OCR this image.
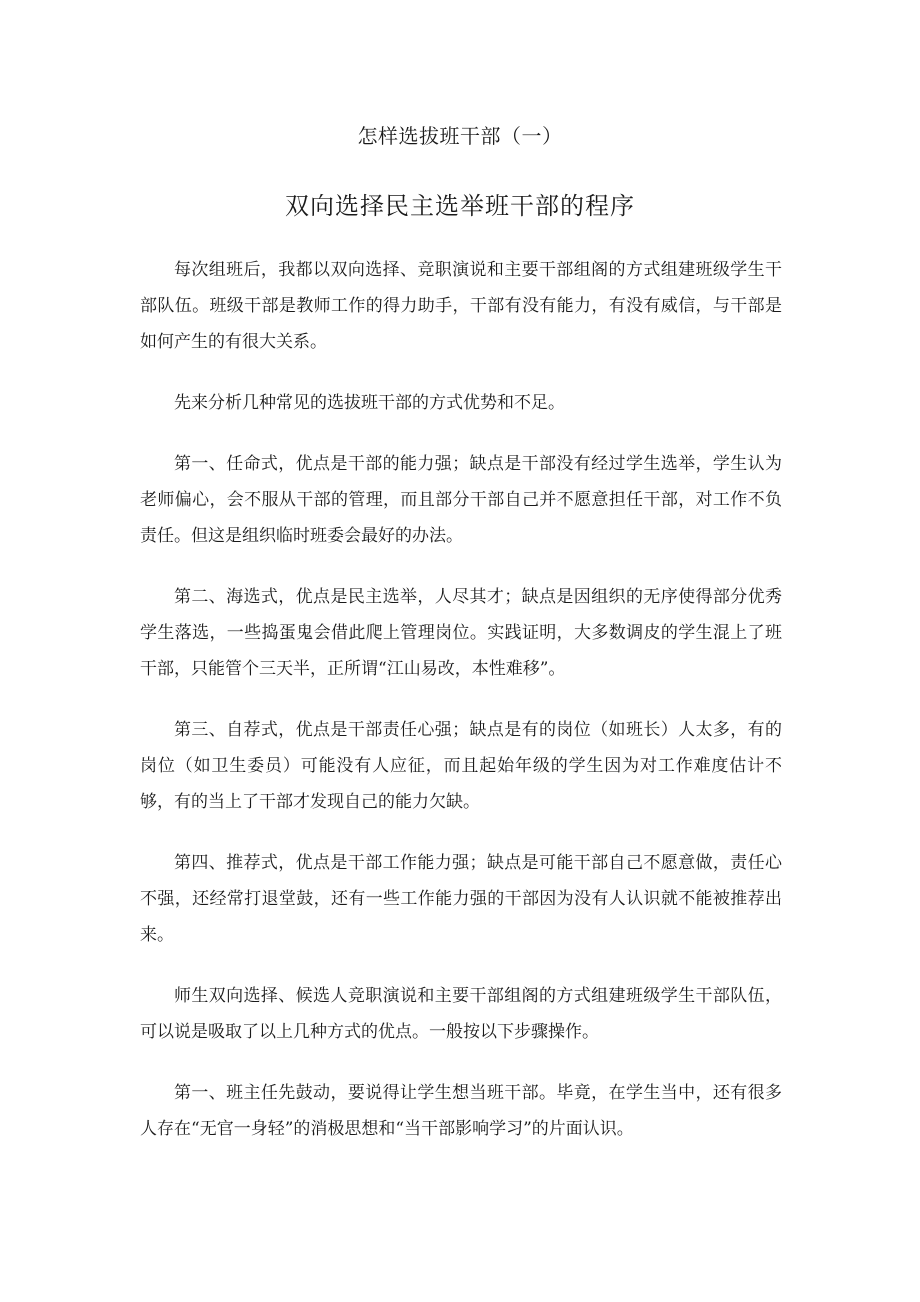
怎样选拔班干部（一）
双向选择民主选举班干部的程序

每次组班后，我都以双向选择、竞职演说和主要干部组阁的方式组建班级学生干部队伍。班级干部是教师工作的得力助手，干部有没有能力，有没有威信，与干部是如何产生的有很大关系。

先来分析几种常见的选拔班干部的方式优势和不足。

第一、任命式，优点是干部的能力强；缺点是干部没有经过学生选举，学生认为老师偏心，会不服从干部的管理，而且部分干部自己并不愿意担任干部，对工作不负责任。但这是组织临时班委会最好的办法。

第二、海选式，优点是民主选举，人尽其才；缺点是因组织的无序使得部分优秀学生落选，一些捣蛋鬼会借此爬上管理岗位。实践证明，大多数调皮的学生混上了班干部，只能管个三天半，正所谓“江山易改，本性难移”。

第三、自荐式，优点是干部责任心强；缺点是有的岗位（如班长）人太多，有的岗位（如卫生委员）可能没有人应征，而且起始年级的学生因为对工作难度估计不够，有的当上了干部才发现自己的能力欠缺。

第四、推荐式，优点是干部工作能力强；缺点是可能干部自己不愿意做，责任心不强，还经常打退堂鼓，还有一些工作能力强的干部因为没有人认识就不能被推荐出来。

师生双向选择、候选人竞职演说和主要干部组阁的方式组建班级学生干部队伍，可以说是吸取了以上几种方式的优点。一般按以下步骤操作。

第一、班主任先鼓动，要说得让学生想当班干部。毕竟，在学生当中，还有很多人存在“无官一身轻”的消极思想和“当干部影响学习”的片面认识。
